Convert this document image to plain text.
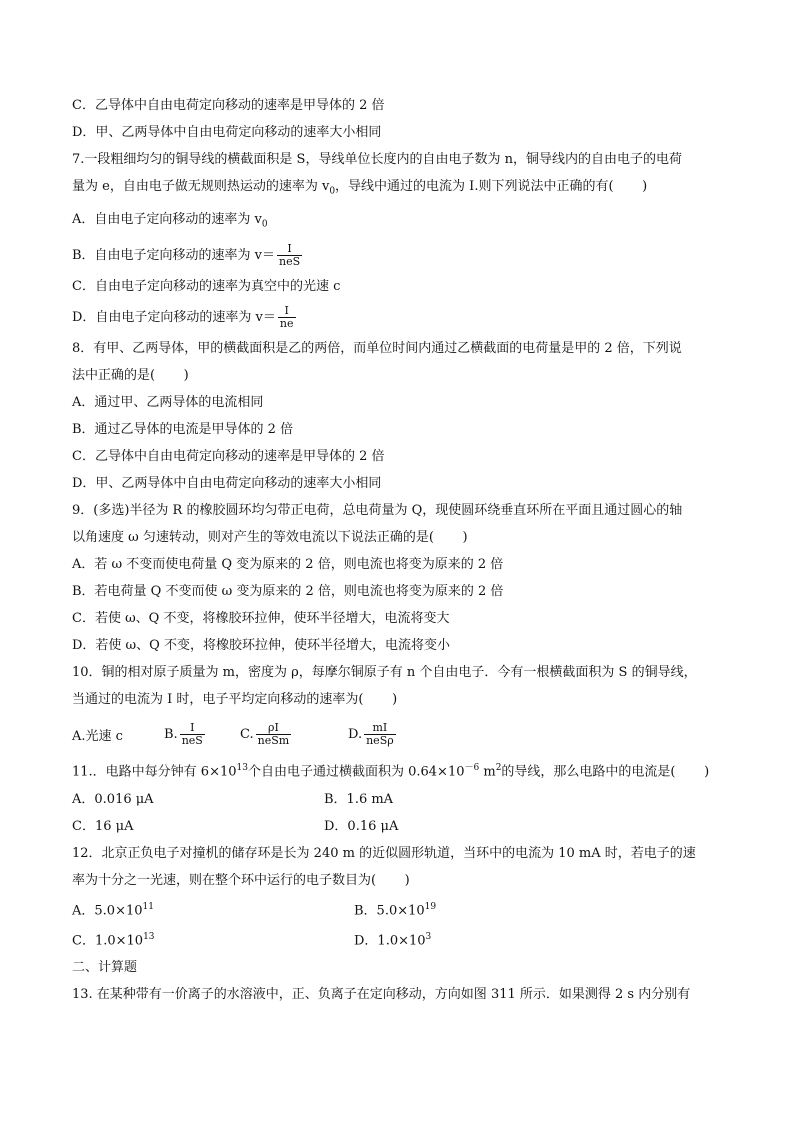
C．乙导体中自由电荷定向移动的速率是甲导体的 2 倍
D．甲、乙两导体中自由电荷定向移动的速率大小相同
7.一段粗细均匀的铜导线的横截面积是 S，导线单位长度内的自由电子数为 n，铜导线内的自由电子的电荷
量为 e，自由电子做无规则热运动的速率为 $v_0$，导线中通过的电流为 I.则下列说法中正确的有( )
A．自由电子定向移动的速率为 $v_0$
B．自由电子定向移动的速率为 $v= \frac{I}{\text{neS}}$
C．自由电子定向移动的速率为真空中的光速 c
D．自由电子定向移动的速率为 $v= \frac{I}{ne}$
8．有甲、乙两导体，甲的横截面积是乙的两倍，而单位时间内通过乙横截面的电荷量是甲的 2 倍，下列说
法中正确的是( )
A．通过甲、乙两导体的电流相同
B．通过乙导体的电流是甲导体的 2 倍
C．乙导体中自由电荷定向移动的速率是甲导体的 2 倍
D．甲、乙两导体中自由电荷定向移动的速率大小相同
9．(多选)半径为 R 的橡胶圆环均匀带正电荷，总电荷量为 Q，现使圆环绕垂直环所在平面且通过圆心的轴
以角速度 ω 匀速转动，则对产生的等效电流以下说法正确的是( )
A．若 ω 不变而使电荷量 Q 变为原来的 2 倍，则电流也将变为原来的 2 倍
B．若电荷量 Q 不变而使 ω 变为原来的 2 倍，则电流也将变为原来的 2 倍
C．若使 ω、Q 不变，将橡胶环拉伸，使环半径增大，电流将变大
D．若使 ω、Q 不变，将橡胶环拉伸，使环半径增大，电流将变小
10．铜的相对原子质量为 m，密度为 ρ，每摩尔铜原子有 n 个自由电子．今有一根横截面积为 S 的铜导线，
当通过的电流为 I 时，电子平均定向移动的速率为( )
A.光速 c	B. $\frac{I}{\text{neS}}$	C. $\frac{\rho I}{\text{neSm}}$	D. $\frac{mI}{\text{neSρ}}$
11.．电路中每分钟有 $6\times 10^{13}$个自由电子通过横截面积为 $0.64\times 10^{-6}$ $m^2$的导线，那么电路中的电流是( )
A．0.016 μA	B．1.6 mA
C．16 μA	D．0.16 μA
12．北京正负电子对撞机的储存环是长为 240 m 的近似圆形轨道，当环中的电流为 10 mA 时，若电子的速
率为十分之一光速，则在整个环中运行的电子数目为( )
A．$5.0\times 10^{11}$	B．$5.0\times 10^{19}$
C．$1.0\times 10^{13}$	D．$1.0\times 10^3$
二、计算题
13. 在某种带有一价离子的水溶液中，正、负离子在定向移动，方向如图 311 所示．如果测得 2 s 内分别有
